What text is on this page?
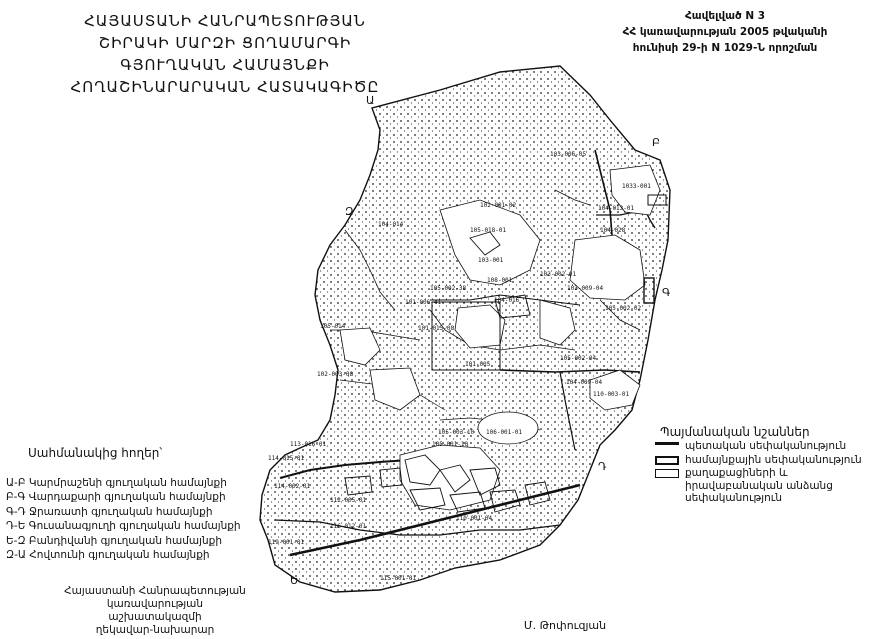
Ա
Բ
Գ
Դ
Ե
Զ
103-006-05
1033-001
104-013-01
104-028
102-001-02
104-014
105-018-01
103-001
103-002-01
105-002-02
103-009-04
104-016
101-015-08
102-003-08
101-005
105-002-04
105-014
104-009-04
110-003-01
106-001-01
105-003-10
105-001-10
113-016-01
114-015-01
114-002-01
112-005-01
110-001-04
119-001-01
116-012-01
115-001-01
108-001
101-006-41
105-002-38
ՀԱՅԱՍՏԱՆԻ ՀԱՆՐԱՊԵՏՈՒԹՅԱՆ
ՇԻՐԱԿԻ ՄԱՐԶԻ ՑՈՂԱՄԱՐԳԻ ԳՅՈՒՂԱԿԱՆ ՀԱՄԱՅՆՔԻ
ՀՈՂԱՇԻՆԱՐԱՐԱԿԱՆ ՀԱՏԱԿԱԳԻԾԸ
Հավելված N 3
ՀՀ կառավարության 2005 թվականի
հունիսի 29-ի N 1029-Ն որոշման
Սահմանակից հողեր՝
Ա-Բ Կարմրաշենի գյուղական համայնքի
Բ-Գ Վարդաքարի գյուղական համայնքի
Գ-Դ Ջրառատի գյուղական համայնքի
Դ-Ե Գուսանագյուղի գյուղական համայնքի
Ե-Զ Բանդիվանի գյուղական համայնքի
Զ-Ա Հովտունի գյուղական համայնքի
Պայմանական նշաններ
պետական սեփականություն
համայնքային սեփականություն
քաղաքացիների և իրավաբանական անձանց սեփականություն
Հայաստանի Հանրապետության
կառավարության աշխատակազմի
ղեկավար-նախարար	Մ. Թոփուզյան
